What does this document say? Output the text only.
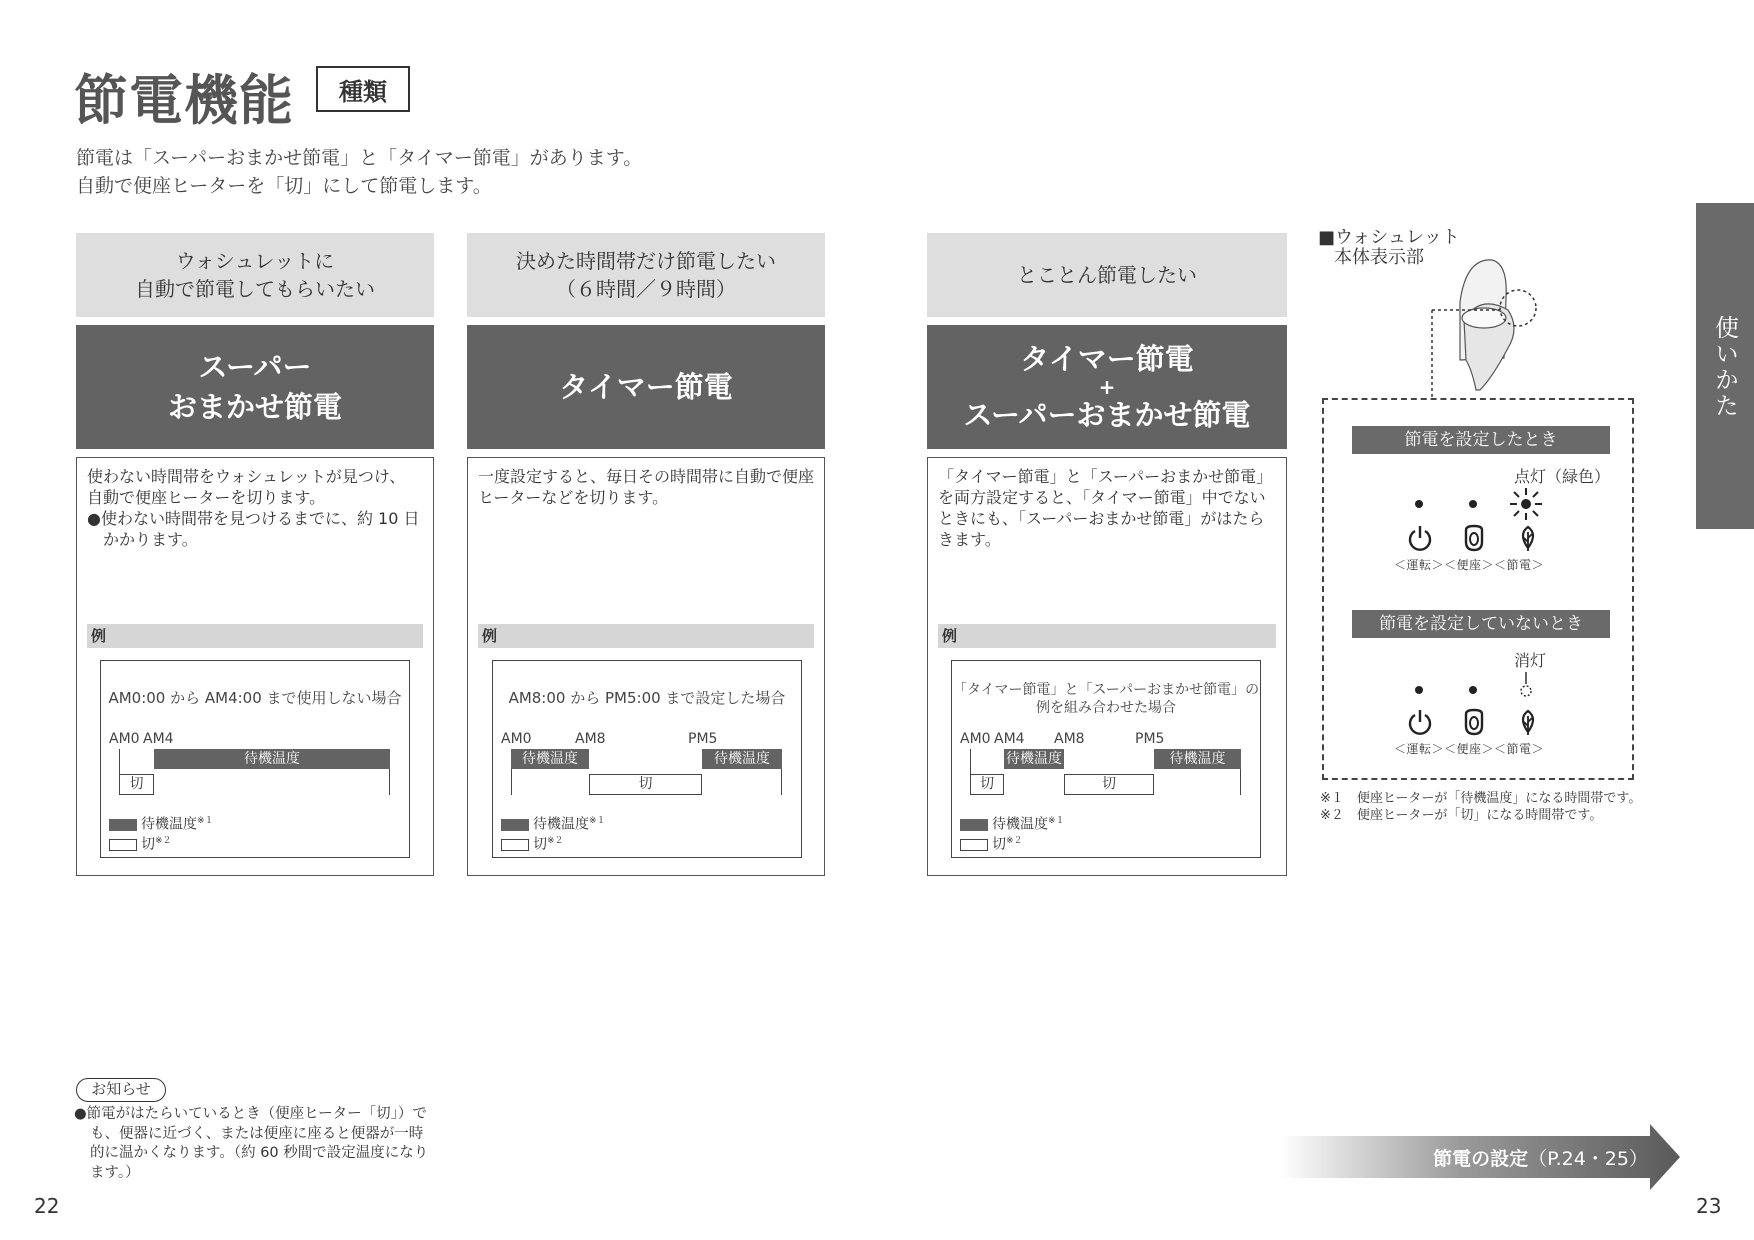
節電機能	種類
節電は「スーパーおまかせ節電」と「タイマー節電」があります。
自動で便座ヒーターを「切」にして節電します。
ウォシュレットに
自動で節電してもらいたい
スーパー
おまかせ節電
使わない時間帯をウォシュレットが見つけ、
自動で便座ヒーターを切ります。
●使わない時間帯を見つけるまでに、約 10 日かかります。
例
AM0:00 から AM4:00 まで使用しない場合
AM0 AM4
待機温度
切
待機温度$^{※1}$
切$^{※2}$
決めた時間帯だけ節電したい
（６時間／９時間）
タイマー節電
一度設定すると、毎日その時間帯に自動で便座
ヒーターなどを切ります。
例
AM8:00 から PM5:00 まで設定した場合
AM0	AM8	PM5
待機温度
切
待機温度
待機温度$^{※1}$
切$^{※2}$
とことん節電したい
タイマー節電
+
スーパーおまかせ節電
「タイマー節電」と「スーパーおまかせ節電」
を両方設定すると、「タイマー節電」中でない
ときにも、「スーパーおまかせ節電」がはたら
きます。
例
「タイマー節電」と「スーパーおまかせ節電」の
例を組み合わせた場合
AM0 AM4 AM8	PM5
切
待機温度
切
待機温度
待機温度$^{※1}$
切$^{※2}$
■ウォシュレット
本体表示部
節電を設定したとき
点灯（緑色）
＜運転＞＜便座＞＜節電＞
節電を設定していないとき
消灯
＜運転＞＜便座＞＜節電＞
※１　便座ヒーターが「待機温度」になる時間帯です。
※２　便座ヒーターが「切」になる時間帯です。
使いかた
お知らせ
●節電がはたらいているとき（便座ヒーター「切」）でも、便器に近づく、または便座に座ると便器が一時的に温かくなります。（約 60 秒間で設定温度になります。）
節電の設定（P.24・25）
22	23
